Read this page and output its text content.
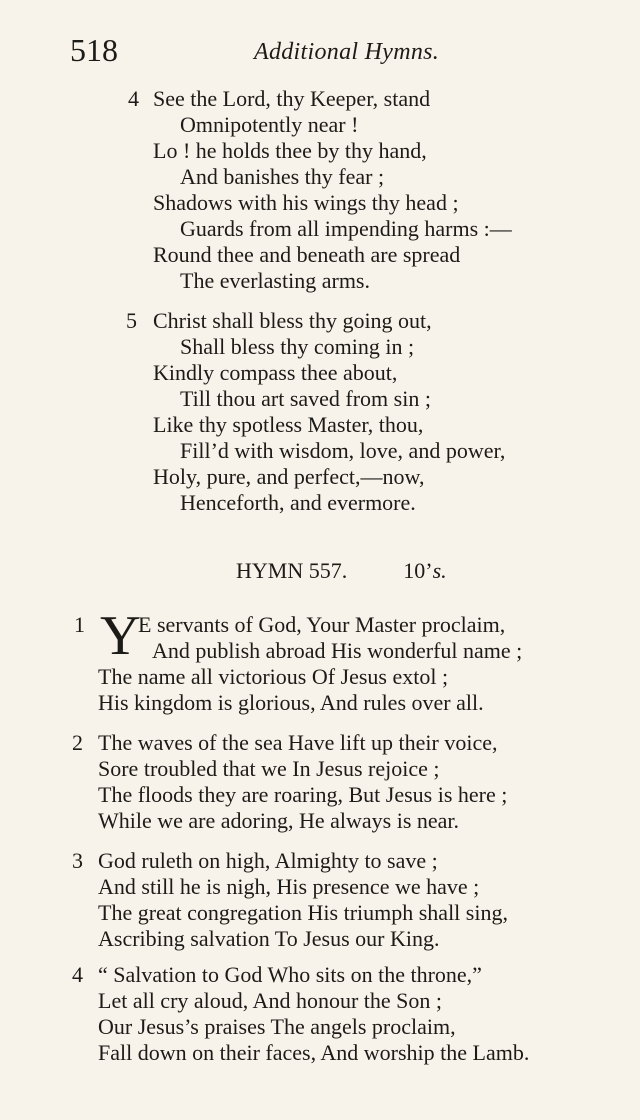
518	Additional Hymns.
4 See the Lord, thy Keeper, stand
Omnipotently near !
Lo ! he holds thee by thy hand,
And banishes thy fear ;
Shadows with his wings thy head ;
Guards from all impending harms :—
Round thee and beneath are spread
The everlasting arms.
5 Christ shall bless thy going out,
Shall bless thy coming in ;
Kindly compass thee about,
Till thou art saved from sin ;
Like thy spotless Master, thou,
Fill’d with wisdom, love, and power,
Holy, pure, and perfect,—now,
Henceforth, and evermore.
HYMN 557.	10’s.
1 Y
E servants of God, Your Master proclaim,
And publish abroad His wonderful name ;
The name all victorious Of Jesus extol ;
His kingdom is glorious, And rules over all.
2 The waves of the sea Have lift up their voice,
Sore troubled that we In Jesus rejoice ;
The floods they are roaring, But Jesus is here ;
While we are adoring, He always is near.
3 God ruleth on high, Almighty to save ;
And still he is nigh, His presence we have ;
The great congregation His triumph shall sing,
Ascribing salvation To Jesus our King.
4 “ Salvation to God Who sits on the throne,”
Let all cry aloud, And honour the Son ;
Our Jesus’s praises The angels proclaim,
Fall down on their faces, And worship the Lamb.
